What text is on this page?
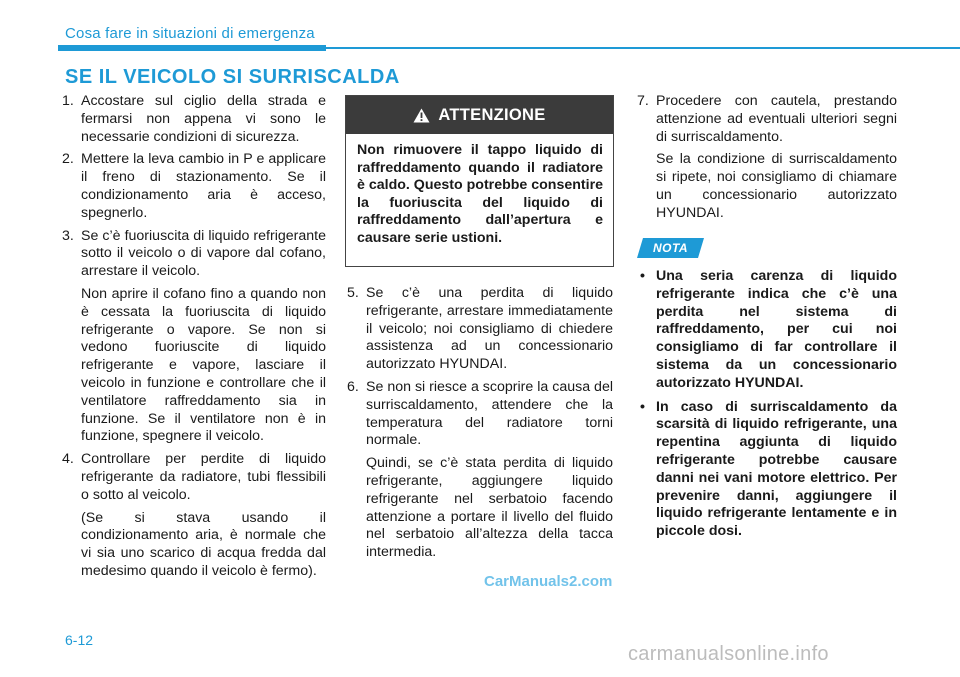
Cosa fare in situazioni di emergenza
SE IL VEICOLO SI SURRISCALDA
1. Accostare sul ciglio della strada e fermarsi non appena vi sono le necessarie condizioni di sicurezza.
2. Mettere la leva cambio in P e applicare il freno di stazionamento. Se il condizionamento aria è acceso, spegnerlo.
3. Se c’è fuoriuscita di liquido refrigerante sotto il veicolo o di vapore dal cofano, arrestare il veicolo.
Non aprire il cofano fino a quando non è cessata la fuoriuscita di liquido refrigerante o vapore. Se non si vedono fuoriuscite di liquido refrigerante e vapore, lasciare il veicolo in funzione e controllare che il ventilatore raffreddamento sia in funzione. Se il ventilatore non è in funzione, spegnere il veicolo.
4. Controllare per perdite di liquido refrigerante da radiatore, tubi flessibili o sotto al veicolo.
(Se si stava usando il condizionamento aria, è normale che vi sia uno scarico di acqua fredda dal medesimo quando il veicolo è fermo).
ATTENZIONE
Non rimuovere il tappo liquido di raffreddamento quando il radiatore è caldo. Questo potrebbe consentire la fuoriuscita del liquido di raffreddamento dall’apertura e causare serie ustioni.
5. Se c’è una perdita di liquido refrigerante, arrestare immediatamente il veicolo; noi consigliamo di chiedere assistenza ad un concessionario autorizzato HYUNDAI.
6. Se non si riesce a scoprire la causa del surriscaldamento, attendere che la temperatura del radiatore torni normale.
Quindi, se c’è stata perdita di liquido refrigerante, aggiungere liquido refrigerante nel serbatoio facendo attenzione a portare il livello del fluido nel serbatoio all’altezza della tacca intermedia.
7. Procedere con cautela, prestando attenzione ad eventuali ulteriori segni di surriscaldamento.
Se la condizione di surriscaldamento si ripete, noi consigliamo di chiamare un concessionario autorizzato HYUNDAI.
NOTA
• Una seria carenza di liquido refrigerante indica che c’è una perdita nel sistema di raffreddamento, per cui noi consigliamo di far controllare il sistema da un concessionario autorizzato HYUNDAI.
• In caso di surriscaldamento da scarsità di liquido refrigerante, una repentina aggiunta di liquido refrigerante potrebbe causare danni nei vani motore elettrico. Per prevenire danni, aggiungere il liquido refrigerante lentamente e in piccole dosi.
6-12
CarManuals2.com
carmanualsonline.info
